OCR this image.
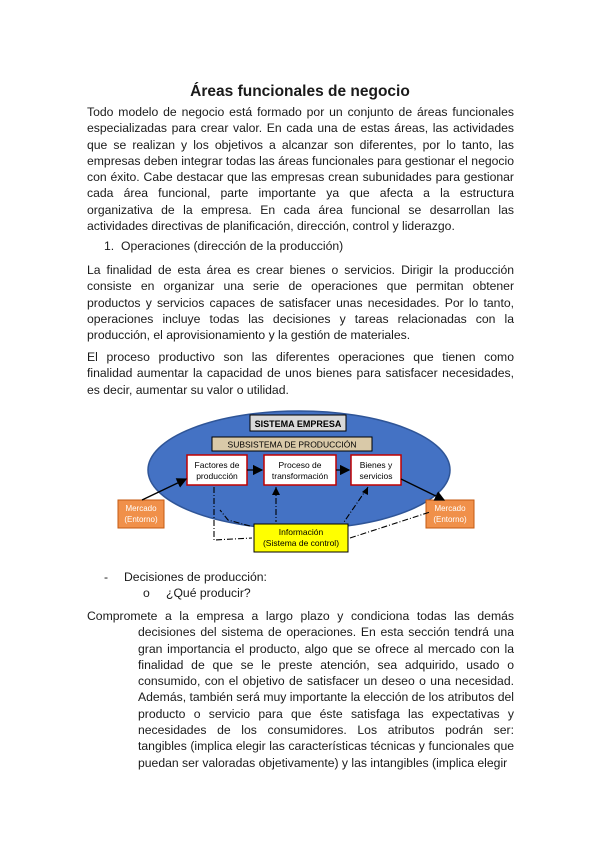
Áreas funcionales de negocio

Todo modelo de negocio está formado por un conjunto de áreas funcionales especializadas para crear valor. En cada una de estas áreas, las actividades que se realizan y los objetivos a alcanzar son diferentes, por lo tanto, las empresas deben integrar todas las áreas funcionales para gestionar el negocio con éxito. Cabe destacar que las empresas crean subunidades para gestionar cada área funcional, parte importante ya que afecta a la estructura organizativa de la empresa. En cada área funcional se desarrollan las actividades directivas de planificación, dirección, control y liderazgo.

1. Operaciones (dirección de la producción)

La finalidad de esta área es crear bienes o servicios. Dirigir la producción consiste en organizar una serie de operaciones que permitan obtener productos y servicios capaces de satisfacer unas necesidades. Por lo tanto, operaciones incluye todas las decisiones y tareas relacionadas con la producción, el aprovisionamiento y la gestión de materiales.

El proceso productivo son las diferentes operaciones que tienen como finalidad aumentar la capacidad de unos bienes para satisfacer necesidades, es decir, aumentar su valor o utilidad.

SISTEMA EMPRESA
SUBSISTEMA DE PRODUCCIÓN
Factores de
producción
Proceso de
transformación
Bienes y
servicios
Mercado
(Entorno)
Mercado
(Entorno)
Información
(Sistema de control)

- Decisiones de producción:

o ¿Qué producir?

Compromete a la empresa a largo plazo y condiciona todas las demás decisiones del sistema de operaciones. En esta sección tendrá una gran importancia el producto, algo que se ofrece al mercado con la finalidad de que se le preste atención, sea adquirido, usado o consumido, con el objetivo de satisfacer un deseo o una necesidad. Además, también será muy importante la elección de los atributos del producto o servicio para que éste satisfaga las expectativas y necesidades de los consumidores. Los atributos podrán ser: tangibles (implica elegir las características técnicas y funcionales que puedan ser valoradas objetivamente) y las intangibles (implica elegir
